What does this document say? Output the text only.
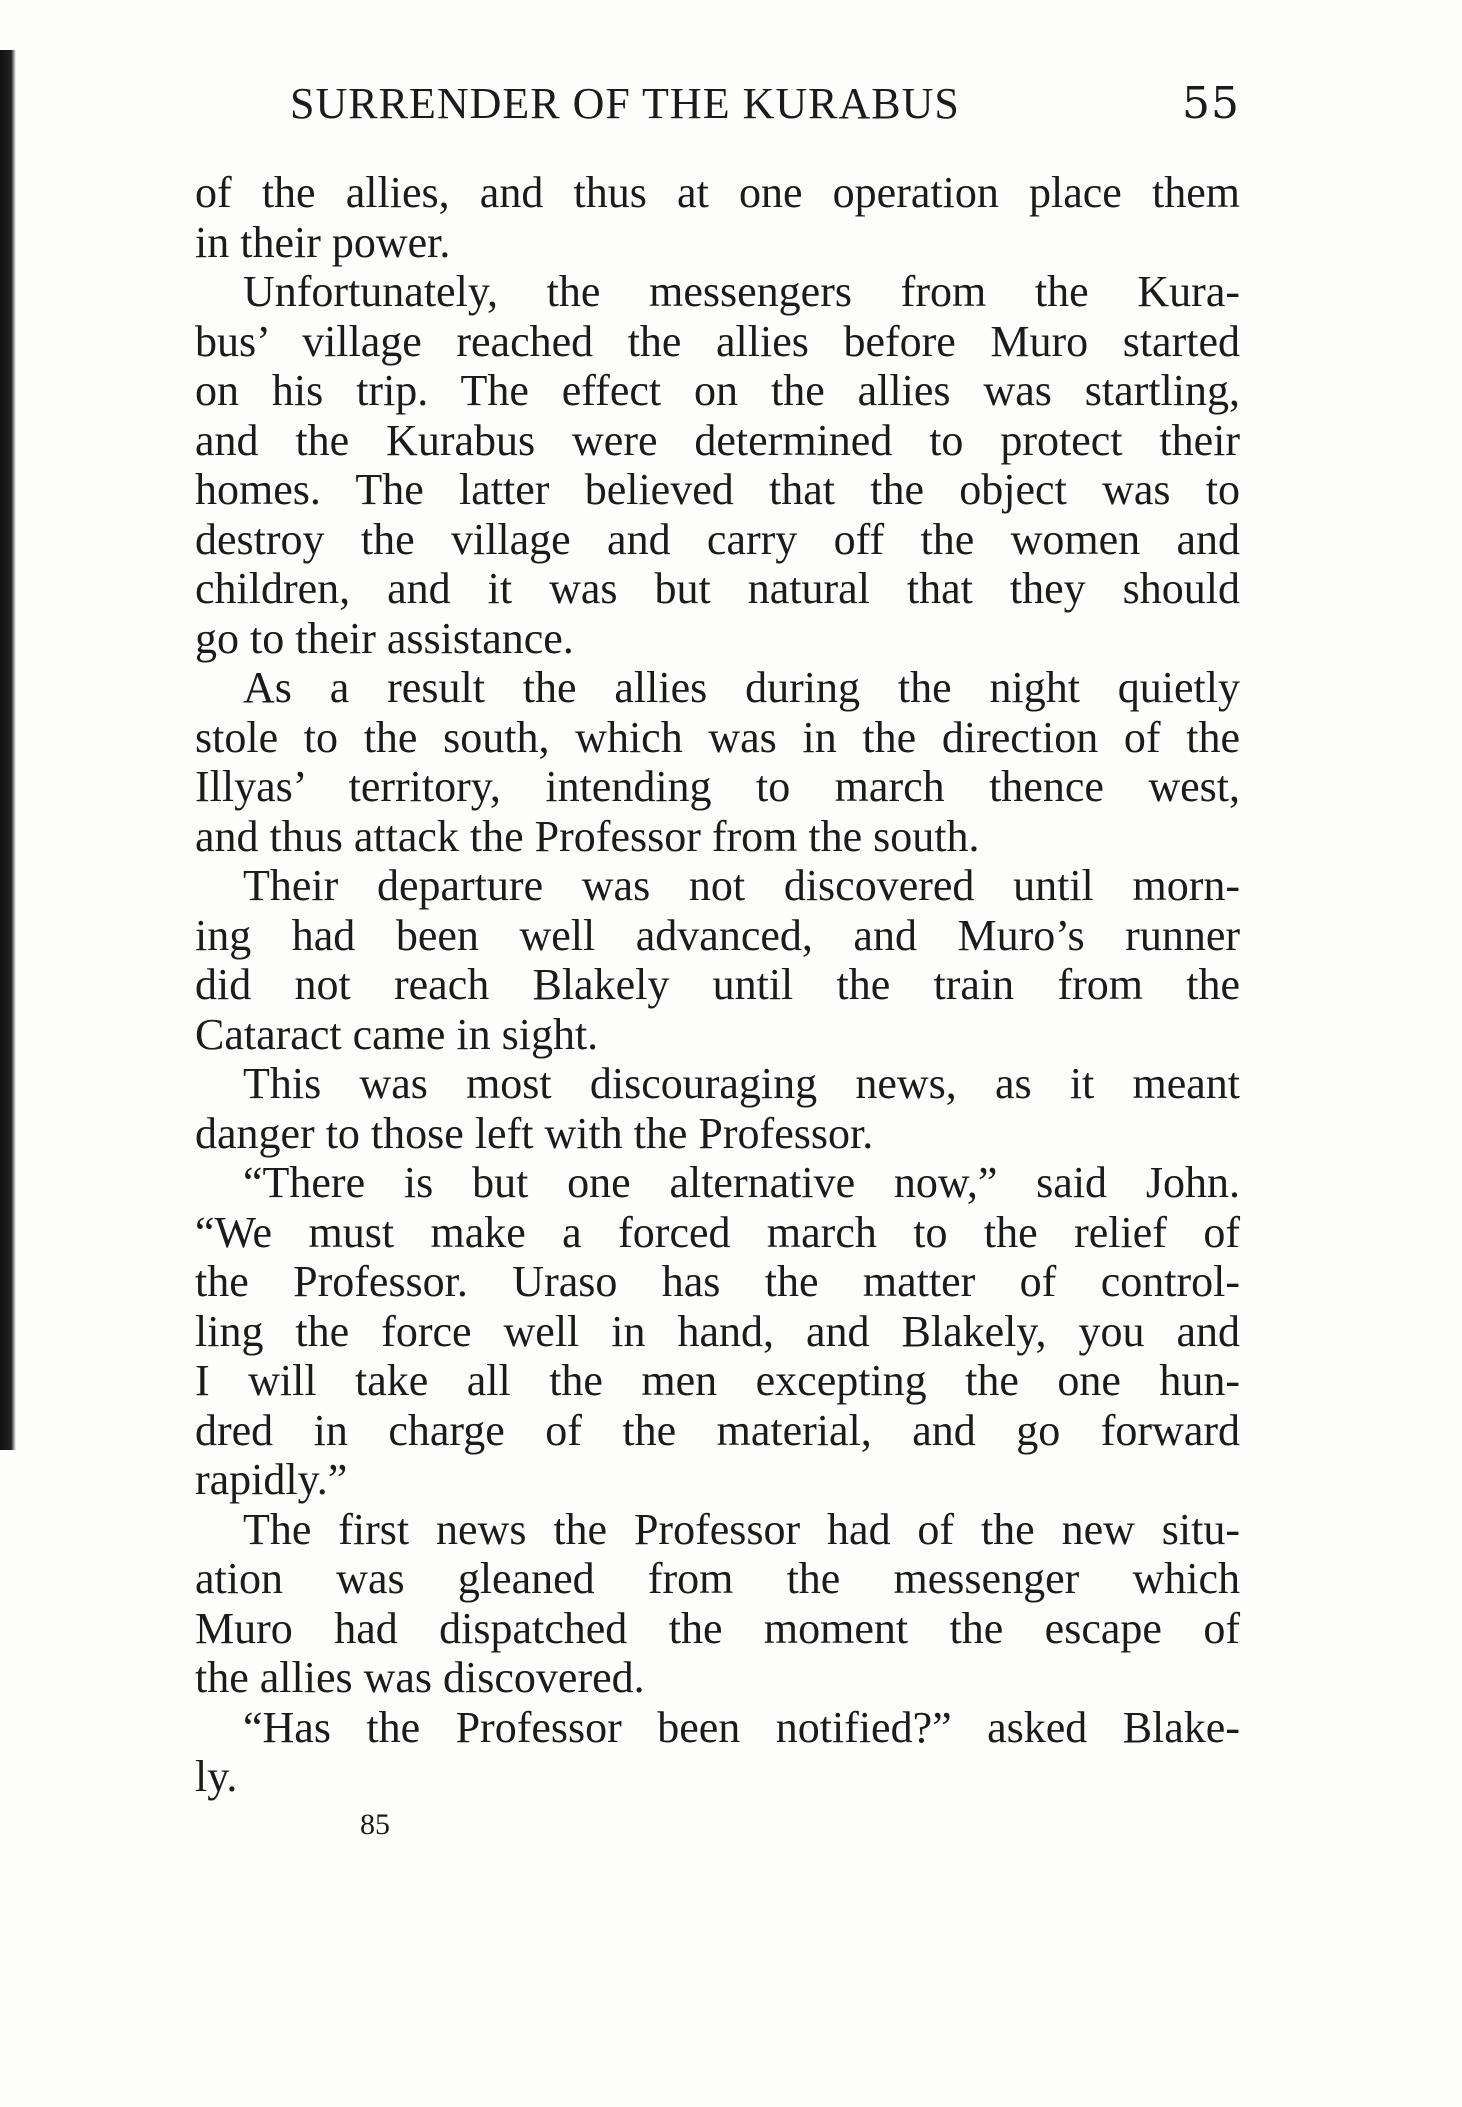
SURRENDER OF THE KURABUS	55
of the allies, and thus at one operation place them
in their power.
Unfortunately, the messengers from the Kura-
bus’ village reached the allies before Muro started
on his trip. The effect on the allies was startling,
and the Kurabus were determined to protect their
homes. The latter believed that the object was to
destroy the village and carry off the women and
children, and it was but natural that they should
go to their assistance.
As a result the allies during the night quietly
stole to the south, which was in the direction of the
Illyas’ territory, intending to march thence west,
and thus attack the Professor from the south.
Their departure was not discovered until morn-
ing had been well advanced, and Muro’s runner
did not reach Blakely until the train from the
Cataract came in sight.
This was most discouraging news, as it meant
danger to those left with the Professor.
“There is but one alternative now,” said John.
“We must make a forced march to the relief of
the Professor. Uraso has the matter of control-
ling the force well in hand, and Blakely, you and
I will take all the men excepting the one hun-
dred in charge of the material, and go forward
rapidly.”
The first news the Professor had of the new situ-
ation was gleaned from the messenger which
Muro had dispatched the moment the escape of
the allies was discovered.
“Has the Professor been notified?” asked Blake-
ly.
85
